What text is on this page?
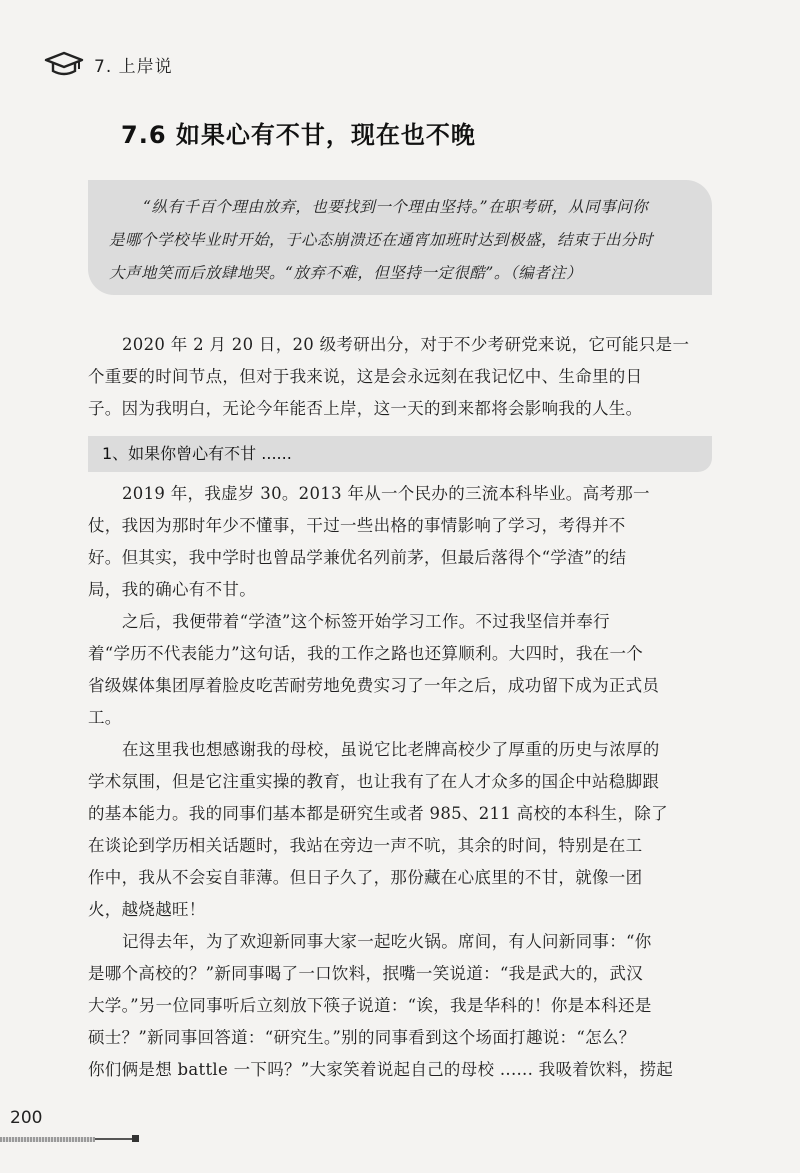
7. 上岸说
7.6 如果心有不甘，现在也不晚
“纵有千百个理由放弃，也要找到一个理由坚持。”在职考研，从同事问你
是哪个学校毕业时开始，于心态崩溃还在通宵加班时达到极盛，结束于出分时
大声地笑而后放肆地哭。“放弃不难，但坚持一定很酷”。（编者注）
2020 年 2 月 20 日，20 级考研出分，对于不少考研党来说，它可能只是一
个重要的时间节点，但对于我来说，这是会永远刻在我记忆中、生命里的日
子。因为我明白，无论今年能否上岸，这一天的到来都将会影响我的人生。
1、如果你曾心有不甘 ......
2019 年，我虚岁 30。2013 年从一个民办的三流本科毕业。高考那一
仗，我因为那时年少不懂事，干过一些出格的事情影响了学习，考得并不
好。但其实，我中学时也曾品学兼优名列前茅，但最后落得个“学渣”的结
局，我的确心有不甘。
之后，我便带着“学渣”这个标签开始学习工作。不过我坚信并奉行
着“学历不代表能力”这句话，我的工作之路也还算顺利。大四时，我在一个
省级媒体集团厚着脸皮吃苦耐劳地免费实习了一年之后，成功留下成为正式员
工。
在这里我也想感谢我的母校，虽说它比老牌高校少了厚重的历史与浓厚的
学术氛围，但是它注重实操的教育，也让我有了在人才众多的国企中站稳脚跟
的基本能力。我的同事们基本都是研究生或者 985、211 高校的本科生，除了
在谈论到学历相关话题时，我站在旁边一声不吭，其余的时间，特别是在工
作中，我从不会妄自菲薄。但日子久了，那份藏在心底里的不甘，就像一团
火，越烧越旺！
记得去年，为了欢迎新同事大家一起吃火锅。席间，有人问新同事：“你
是哪个高校的？”新同事喝了一口饮料，抿嘴一笑说道：“我是武大的，武汉
大学。”另一位同事听后立刻放下筷子说道：“诶，我是华科的！你是本科还是
硕士？”新同事回答道：“研究生。”别的同事看到这个场面打趣说：“怎么？
你们俩是想 battle 一下吗？”大家笑着说起自己的母校 ...... 我吸着饮料，捞起
200
